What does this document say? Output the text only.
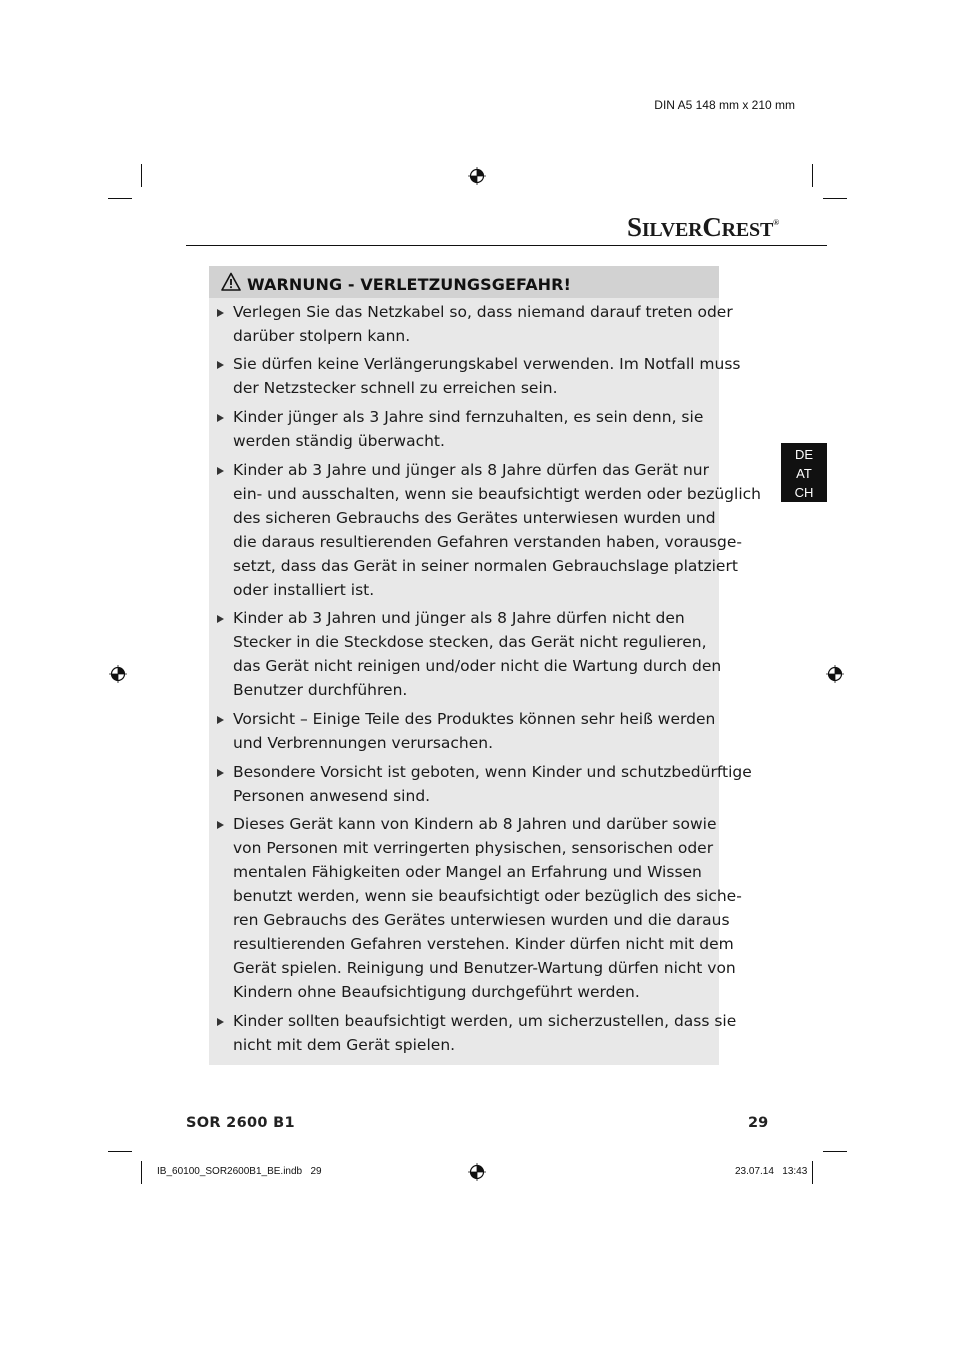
DIN A5 148 mm x 210 mm
SILVERCREST®
DE
AT
CH
WARNUNG - VERLETZUNGSGEFAHR!
Verlegen Sie das Netzkabel so, dass niemand darauf treten oder
darüber stolpern kann.
Sie dürfen keine Verlängerungskabel verwenden. Im Notfall muss
der Netzstecker schnell zu erreichen sein.
Kinder jünger als 3 Jahre sind fernzuhalten, es sein denn, sie
werden ständig überwacht.
Kinder ab 3 Jahre und jünger als 8 Jahre dürfen das Gerät nur
ein- und ausschalten, wenn sie beaufsichtigt werden oder bezüglich
des sicheren Gebrauchs des Gerätes unterwiesen wurden und
die daraus resultierenden Gefahren verstanden haben, vorausge-
setzt, dass das Gerät in seiner normalen Gebrauchslage platziert
oder installiert ist.
Kinder ab 3 Jahren und jünger als 8 Jahre dürfen nicht den
Stecker in die Steckdose stecken, das Gerät nicht regulieren,
das Gerät nicht reinigen und/oder nicht die Wartung durch den
Benutzer durchführen.
Vorsicht – Einige Teile des Produktes können sehr heiß werden
und Verbrennungen verursachen.
Besondere Vorsicht ist geboten, wenn Kinder und schutzbedürftige
Personen anwesend sind.
Dieses Gerät kann von Kindern ab 8 Jahren und darüber sowie
von Personen mit verringerten physischen, sensorischen oder
mentalen Fähigkeiten oder Mangel an Erfahrung und Wissen
benutzt werden, wenn sie beaufsichtigt oder bezüglich des siche-
ren Gebrauchs des Gerätes unterwiesen wurden und die daraus
resultierenden Gefahren verstehen. Kinder dürfen nicht mit dem
Gerät spielen. Reinigung und Benutzer-Wartung dürfen nicht von
Kindern ohne Beaufsichtigung durchgeführt werden.
Kinder sollten beaufsichtigt werden, um sicherzustellen, dass sie
nicht mit dem Gerät spielen.
SOR 2600 B1	29
IB_60100_SOR2600B1_BE.indb   29	23.07.14   13:43
